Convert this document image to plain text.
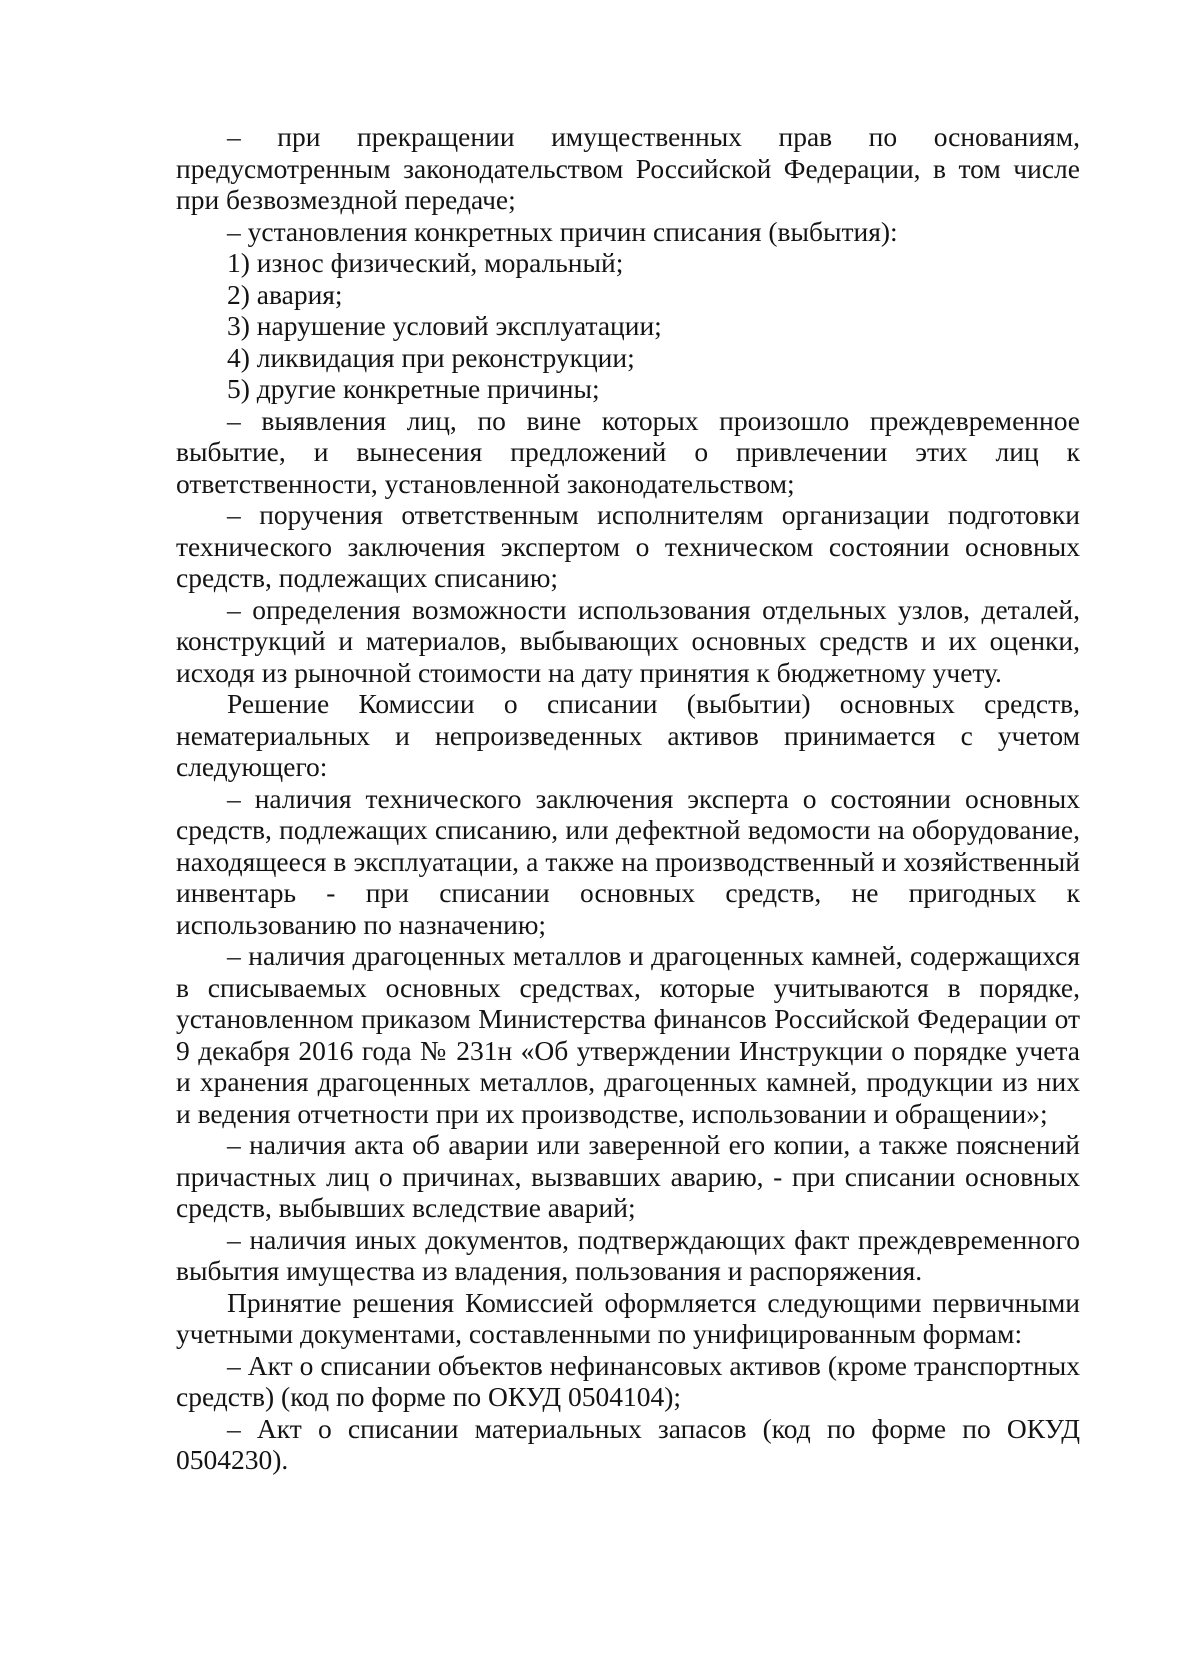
– при прекращении имущественных прав по основаниям, предусмотренным законодательством Российской Федерации, в том числе при безвозмездной передаче;

– установления конкретных причин списания (выбытия):

1) износ физический, моральный;

2) авария;

3) нарушение условий эксплуатации;

4) ликвидация при реконструкции;

5) другие конкретные причины;

– выявления лиц, по вине которых произошло преждевременное выбытие, и вынесения предложений о привлечении этих лиц к ответственности, установленной законодательством;

– поручения ответственным исполнителям организации подготовки технического заключения экспертом о техническом состоянии основных средств, подлежащих списанию;

– определения возможности использования отдельных узлов, деталей, конструкций и материалов, выбывающих основных средств и их оценки, исходя из рыночной стоимости на дату принятия к бюджетному учету.

Решение Комиссии о списании (выбытии) основных средств, нематериальных и непроизведенных активов принимается с учетом следующего:

– наличия технического заключения эксперта о состоянии основных средств, подлежащих списанию, или дефектной ведомости на оборудование, находящееся в эксплуатации, а также на производственный и хозяйственный инвентарь - при списании основных средств, не пригодных к использованию по назначению;

– наличия драгоценных металлов и драгоценных камней, содержащихся в списываемых основных средствах, которые учитываются в порядке, установленном приказом Министерства финансов Российской Федерации от 9 декабря 2016 года № 231н «Об утверждении Инструкции о порядке учета и хранения драгоценных металлов, драгоценных камней, продукции из них и ведения отчетности при их производстве, использовании и обращении»;

– наличия акта об аварии или заверенной его копии, а также пояснений причастных лиц о причинах, вызвавших аварию, - при списании основных средств, выбывших вследствие аварий;

– наличия иных документов, подтверждающих факт преждевременного выбытия имущества из владения, пользования и распоряжения.

Принятие решения Комиссией оформляется следующими первичными учетными документами, составленными по унифицированным формам:

– Акт о списании объектов нефинансовых активов (кроме транспортных средств) (код по форме по ОКУД 0504104);

– Акт о списании материальных запасов (код по форме по ОКУД 0504230).
